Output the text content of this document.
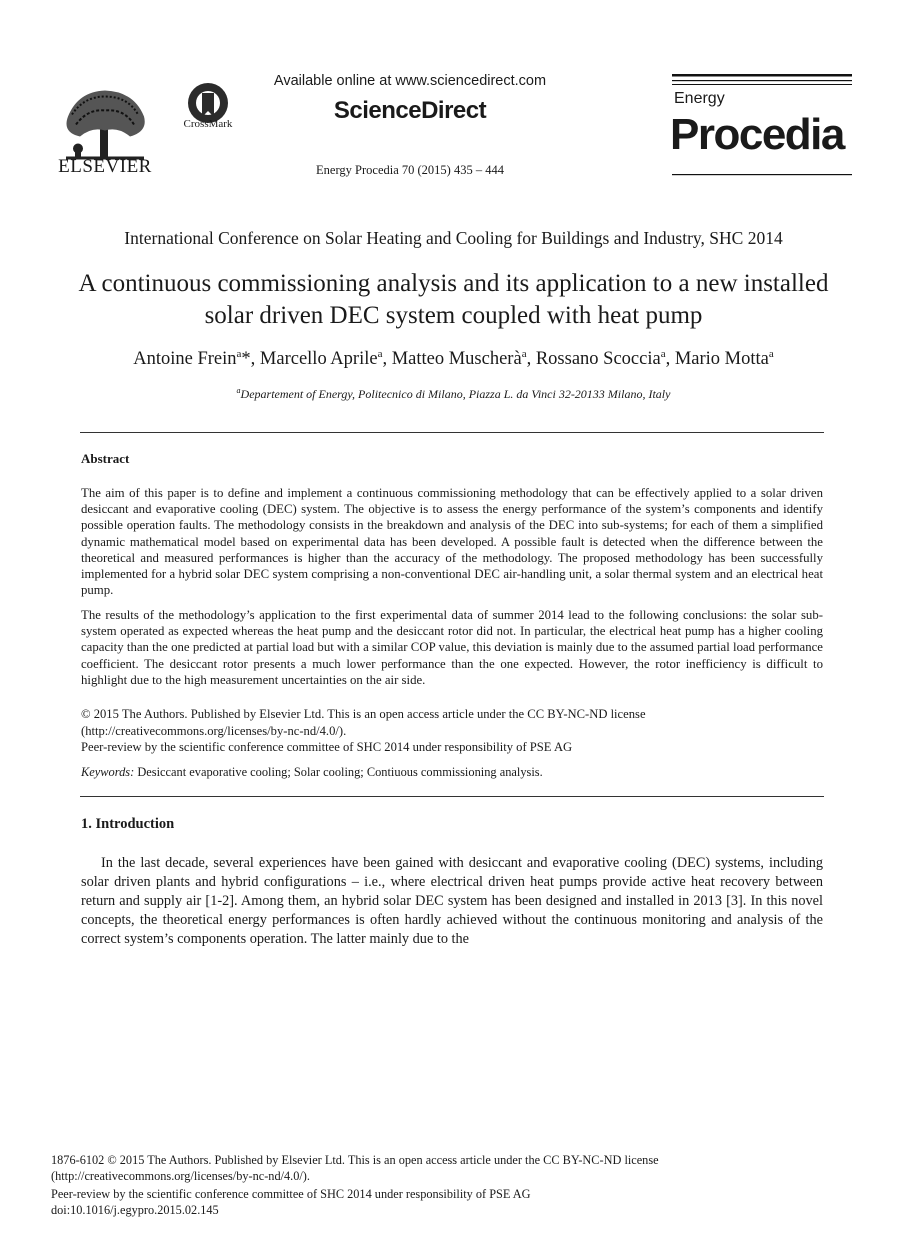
ELSEVIER
CrossMark
Available online at www.sciencedirect.com
ScienceDirect
Energy Procedia 70 (2015) 435 – 444
Energy
Procedia
International Conference on Solar Heating and Cooling for Buildings and Industry, SHC 2014
A continuous commissioning analysis and its application to a new installed solar driven DEC system coupled with heat pump
Antoine Frein$^a$*, Marcello Aprile$^a$, Matteo Muscherà$^a$, Rossano Scoccia$^a$, Mario Motta$^a$
$^a$Departement of Energy, Politecnico di Milano, Piazza L. da Vinci 32-20133 Milano, Italy
Abstract
The aim of this paper is to define and implement a continuous commissioning methodology that can be effectively applied to a solar driven desiccant and evaporative cooling (DEC) system. The objective is to assess the energy performance of the system’s components and identify possible operation faults. The methodology consists in the breakdown and analysis of the DEC into sub-systems; for each of them a simplified dynamic mathematical model based on experimental data has been developed. A possible fault is detected when the difference between the theoretical and measured performances is higher than the accuracy of the methodology. The proposed methodology has been successfully implemented for a hybrid solar DEC system comprising a non-conventional DEC air-handling unit, a solar thermal system and an electrical heat pump.
The results of the methodology’s application to the first experimental data of summer 2014 lead to the following conclusions: the solar sub-system operated as expected whereas the heat pump and the desiccant rotor did not. In particular, the electrical heat pump has a higher cooling capacity than the one predicted at partial load but with a similar COP value, this deviation is mainly due to the assumed partial load performance coefficient. The desiccant rotor presents a much lower performance than the one expected. However, the rotor inefficiency is difficult to highlight due to the high measurement uncertainties on the air side.
© 2015 The Authors. Published by Elsevier Ltd. This is an open access article under the CC BY-NC-ND license
(http://creativecommons.org/licenses/by-nc-nd/4.0/).
Peer-review by the scientific conference committee of SHC 2014 under responsibility of PSE AG
Keywords: Desiccant evaporative cooling; Solar cooling; Contiuous commissioning analysis.
1. Introduction
In the last decade, several experiences have been gained with desiccant and evaporative cooling (DEC) systems, including solar driven plants and hybrid configurations – i.e., where electrical driven heat pumps provide active heat recovery between return and supply air [1-2]. Among them, an hybrid solar DEC system has been designed and installed in 2013 [3]. In this novel concepts, the theoretical energy performances is often hardly achieved without the continuous monitoring and analysis of the correct system’s components operation. The latter mainly due to the
1876-6102 © 2015 The Authors. Published by Elsevier Ltd. This is an open access article under the CC BY-NC-ND license
(http://creativecommons.org/licenses/by-nc-nd/4.0/).
Peer-review by the scientific conference committee of SHC 2014 under responsibility of PSE AG
doi:10.1016/j.egypro.2015.02.145
